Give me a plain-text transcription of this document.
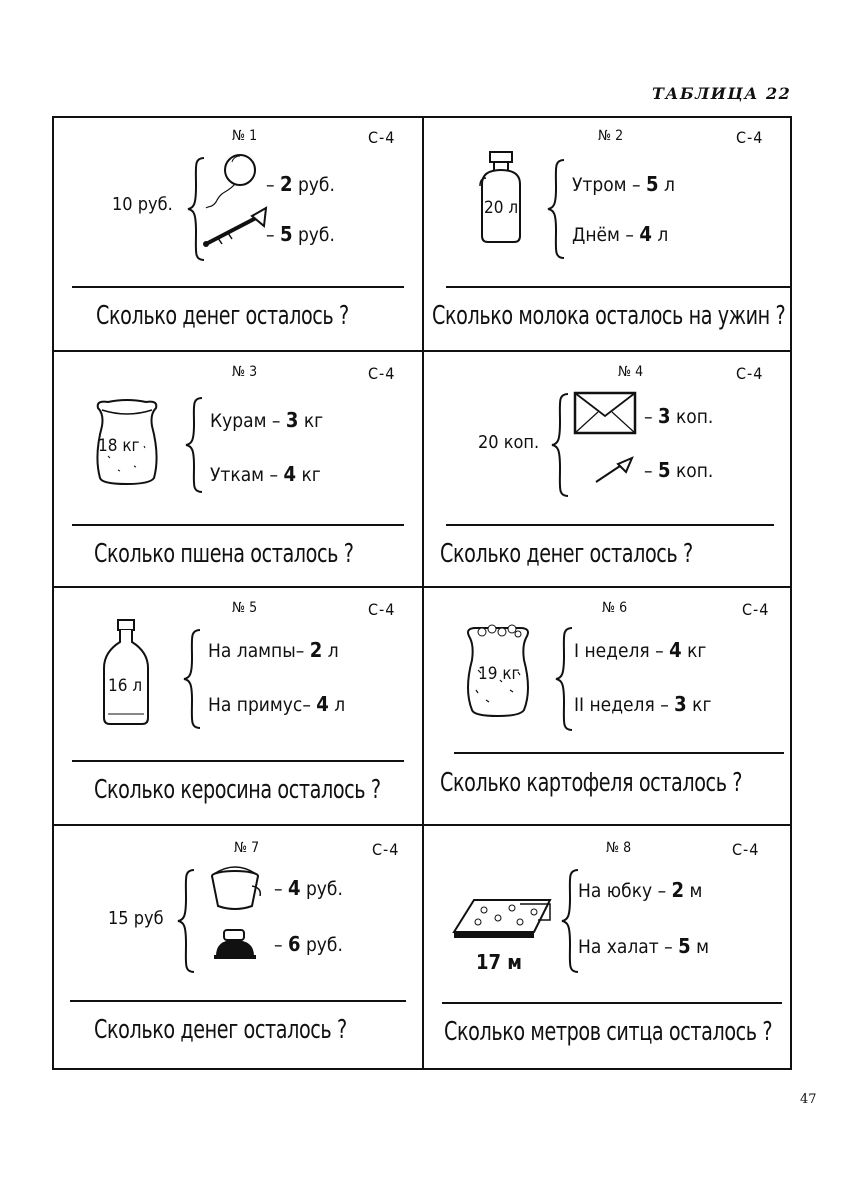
ТАБЛИЦА 22
№ 1	С-4
10 руб.
– 2 руб.
– 5 руб.
Сколько денег осталось ?
№ 2	С-4
20 л
Утром – 5 л
Днём – 4 л
Сколько молока осталось на ужин ?
№ 3	С-4
18 кг
Курам – 3 кг
Уткам – 4 кг
Сколько пшена осталось ?
№ 4	С-4
20 коп.
– 3 коп.
– 5 коп.
Сколько денег осталось ?
№ 5	С-4
16 л
На лампы– 2 л
На примус– 4 л
Сколько керосина осталось ?
№ 6	С-4
19 кг
I неделя – 4 кг
II неделя – 3 кг
Сколько картофеля осталось ?
№ 7	С-4
15 руб
– 4 руб.
– 6 руб.
Сколько денег осталось ?
№ 8	С-4
17 м
На юбку – 2 м
На халат – 5 м
Сколько метров ситца осталось ?
47
